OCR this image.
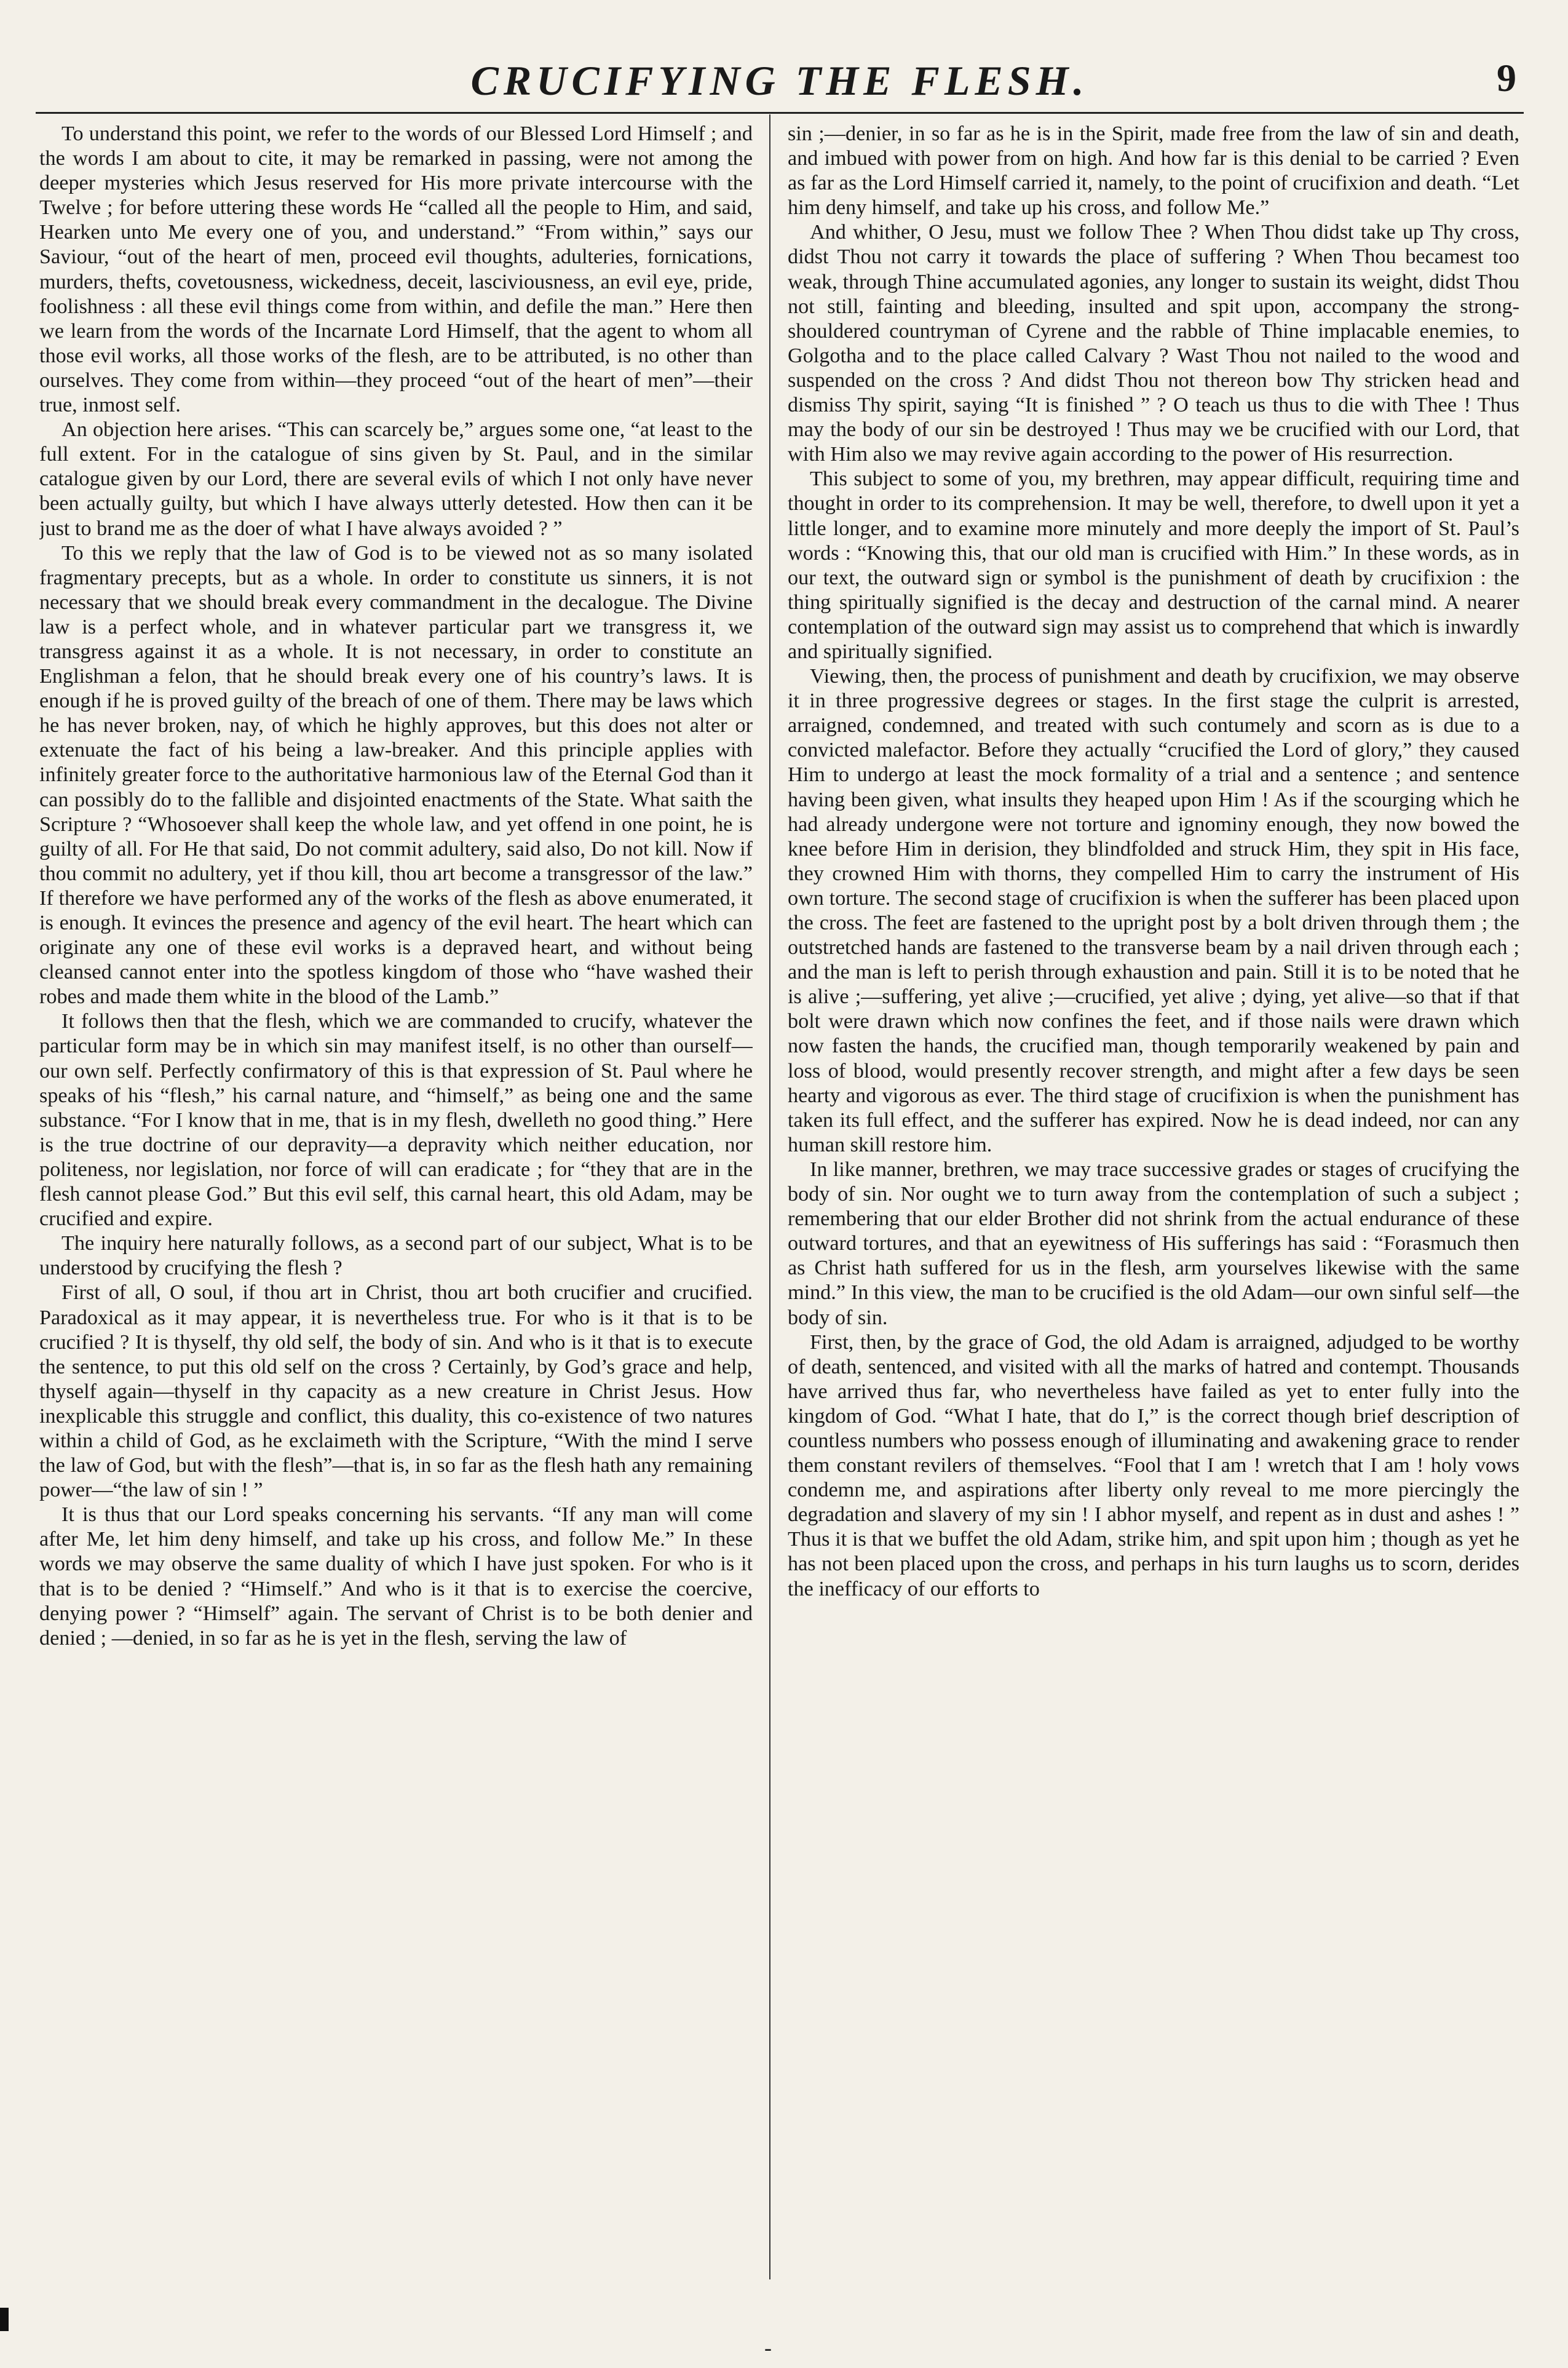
CRUCIFYING THE FLESH.	9

To understand this point, we refer to the words of our Blessed Lord Himself ; and the words I am about to cite, it may be remarked in passing, were not among the deeper mysteries which Jesus reserved for His more private intercourse with the Twelve ; for before uttering these words He “called all the people to Him, and said, Hearken unto Me every one of you, and understand.” “From within,” says our Saviour, “out of the heart of men, proceed evil thoughts, adulteries, fornications, murders, thefts, covetousness, wickedness, deceit, lasciviousness, an evil eye, pride, foolishness : all these evil things come from within, and defile the man.” Here then we learn from the words of the Incarnate Lord Himself, that the agent to whom all those evil works, all those works of the flesh, are to be attributed, is no other than ourselves. They come from within—they proceed “out of the heart of men”—their true, inmost self.

An objection here arises. “This can scarcely be,” argues some one, “at least to the full extent. For in the catalogue of sins given by St. Paul, and in the similar catalogue given by our Lord, there are several evils of which I not only have never been actually guilty, but which I have always utterly detested. How then can it be just to brand me as the doer of what I have always avoided ? ”

To this we reply that the law of God is to be viewed not as so many isolated fragmentary precepts, but as a whole. In order to constitute us sinners, it is not necessary that we should break every commandment in the decalogue. The Divine law is a perfect whole, and in whatever particular part we transgress it, we transgress against it as a whole. It is not necessary, in order to constitute an Englishman a felon, that he should break every one of his country’s laws. It is enough if he is proved guilty of the breach of one of them. There may be laws which he has never broken, nay, of which he highly approves, but this does not alter or extenuate the fact of his being a law-breaker. And this principle applies with infinitely greater force to the authoritative harmonious law of the Eternal God than it can possibly do to the fallible and disjointed enactments of the State. What saith the Scripture ? “Whosoever shall keep the whole law, and yet offend in one point, he is guilty of all. For He that said, Do not commit adultery, said also, Do not kill. Now if thou commit no adultery, yet if thou kill, thou art become a transgressor of the law.” If therefore we have performed any of the works of the flesh as above enumerated, it is enough. It evinces the presence and agency of the evil heart. The heart which can originate any one of these evil works is a depraved heart, and without being cleansed cannot enter into the spotless kingdom of those who “have washed their robes and made them white in the blood of the Lamb.”

It follows then that the flesh, which we are commanded to crucify, whatever the particular form may be in which sin may manifest itself, is no other than ourself—our own self. Perfectly confirmatory of this is that expression of St. Paul where he speaks of his “flesh,” his carnal nature, and “himself,” as being one and the same substance. “For I know that in me, that is in my flesh, dwelleth no good thing.” Here is the true doctrine of our depravity—a depravity which neither education, nor politeness, nor legislation, nor force of will can eradicate ; for “they that are in the flesh cannot please God.” But this evil self, this carnal heart, this old Adam, may be crucified and expire.

The inquiry here naturally follows, as a second part of our subject, What is to be understood by crucifying the flesh ?

First of all, O soul, if thou art in Christ, thou art both crucifier and crucified. Paradoxical as it may appear, it is nevertheless true. For who is it that is to be crucified ? It is thyself, thy old self, the body of sin. And who is it that is to execute the sentence, to put this old self on the cross ? Certainly, by God’s grace and help, thyself again—thyself in thy capacity as a new creature in Christ Jesus. How inexplicable this struggle and conflict, this duality, this co-existence of two natures within a child of God, as he exclaimeth with the Scripture, “With the mind I serve the law of God, but with the flesh”—that is, in so far as the flesh hath any remaining power—“the law of sin ! ”

It is thus that our Lord speaks concerning his servants. “If any man will come after Me, let him deny himself, and take up his cross, and follow Me.” In these words we may observe the same duality of which I have just spoken. For who is it that is to be denied ? “Himself.” And who is it that is to exercise the coercive, denying power ? “Himself” again. The servant of Christ is to be both denier and denied ; —denied, in so far as he is yet in the flesh, serving the law of

sin ;—denier, in so far as he is in the Spirit, made free from the law of sin and death, and imbued with power from on high. And how far is this denial to be carried ? Even as far as the Lord Himself carried it, namely, to the point of crucifixion and death. “Let him deny himself, and take up his cross, and follow Me.”

And whither, O Jesu, must we follow Thee ? When Thou didst take up Thy cross, didst Thou not carry it towards the place of suffering ? When Thou becamest too weak, through Thine accumulated agonies, any longer to sustain its weight, didst Thou not still, fainting and bleeding, insulted and spit upon, accompany the strong-shouldered countryman of Cyrene and the rabble of Thine implacable enemies, to Golgotha and to the place called Calvary ? Wast Thou not nailed to the wood and suspended on the cross ? And didst Thou not thereon bow Thy stricken head and dismiss Thy spirit, saying “It is finished ” ? O teach us thus to die with Thee ! Thus may the body of our sin be destroyed ! Thus may we be crucified with our Lord, that with Him also we may revive again according to the power of His resurrection.

This subject to some of you, my brethren, may appear difficult, requiring time and thought in order to its comprehension. It may be well, therefore, to dwell upon it yet a little longer, and to examine more minutely and more deeply the import of St. Paul’s words : “Knowing this, that our old man is crucified with Him.” In these words, as in our text, the outward sign or symbol is the punishment of death by crucifixion : the thing spiritually signified is the decay and destruction of the carnal mind. A nearer contemplation of the outward sign may assist us to comprehend that which is inwardly and spiritually signified.

Viewing, then, the process of punishment and death by crucifixion, we may observe it in three progressive degrees or stages. In the first stage the culprit is arrested, arraigned, condemned, and treated with such contumely and scorn as is due to a convicted malefactor. Before they actually “crucified the Lord of glory,” they caused Him to undergo at least the mock formality of a trial and a sentence ; and sentence having been given, what insults they heaped upon Him ! As if the scourging which he had already undergone were not torture and ignominy enough, they now bowed the knee before Him in derision, they blindfolded and struck Him, they spit in His face, they crowned Him with thorns, they compelled Him to carry the instrument of His own torture. The second stage of crucifixion is when the sufferer has been placed upon the cross. The feet are fastened to the upright post by a bolt driven through them ; the outstretched hands are fastened to the transverse beam by a nail driven through each ; and the man is left to perish through exhaustion and pain. Still it is to be noted that he is alive ;—suffering, yet alive ;—crucified, yet alive ; dying, yet alive—so that if that bolt were drawn which now confines the feet, and if those nails were drawn which now fasten the hands, the crucified man, though temporarily weakened by pain and loss of blood, would presently recover strength, and might after a few days be seen hearty and vigorous as ever. The third stage of crucifixion is when the punishment has taken its full effect, and the sufferer has expired. Now he is dead indeed, nor can any human skill restore him.

In like manner, brethren, we may trace successive grades or stages of crucifying the body of sin. Nor ought we to turn away from the contemplation of such a subject ; remembering that our elder Brother did not shrink from the actual endurance of these outward tortures, and that an eyewitness of His sufferings has said : “Forasmuch then as Christ hath suffered for us in the flesh, arm yourselves likewise with the same mind.” In this view, the man to be crucified is the old Adam—our own sinful self—the body of sin.

First, then, by the grace of God, the old Adam is arraigned, adjudged to be worthy of death, sentenced, and visited with all the marks of hatred and contempt. Thousands have arrived thus far, who nevertheless have failed as yet to enter fully into the kingdom of God. “What I hate, that do I,” is the correct though brief description of countless numbers who possess enough of illuminating and awakening grace to render them constant revilers of themselves. “Fool that I am ! wretch that I am ! holy vows condemn me, and aspirations after liberty only reveal to me more piercingly the degradation and slavery of my sin ! I abhor myself, and repent as in dust and ashes ! ” Thus it is that we buffet the old Adam, strike him, and spit upon him ; though as yet he has not been placed upon the cross, and perhaps in his turn laughs us to scorn, derides the inefficacy of our efforts to

-
